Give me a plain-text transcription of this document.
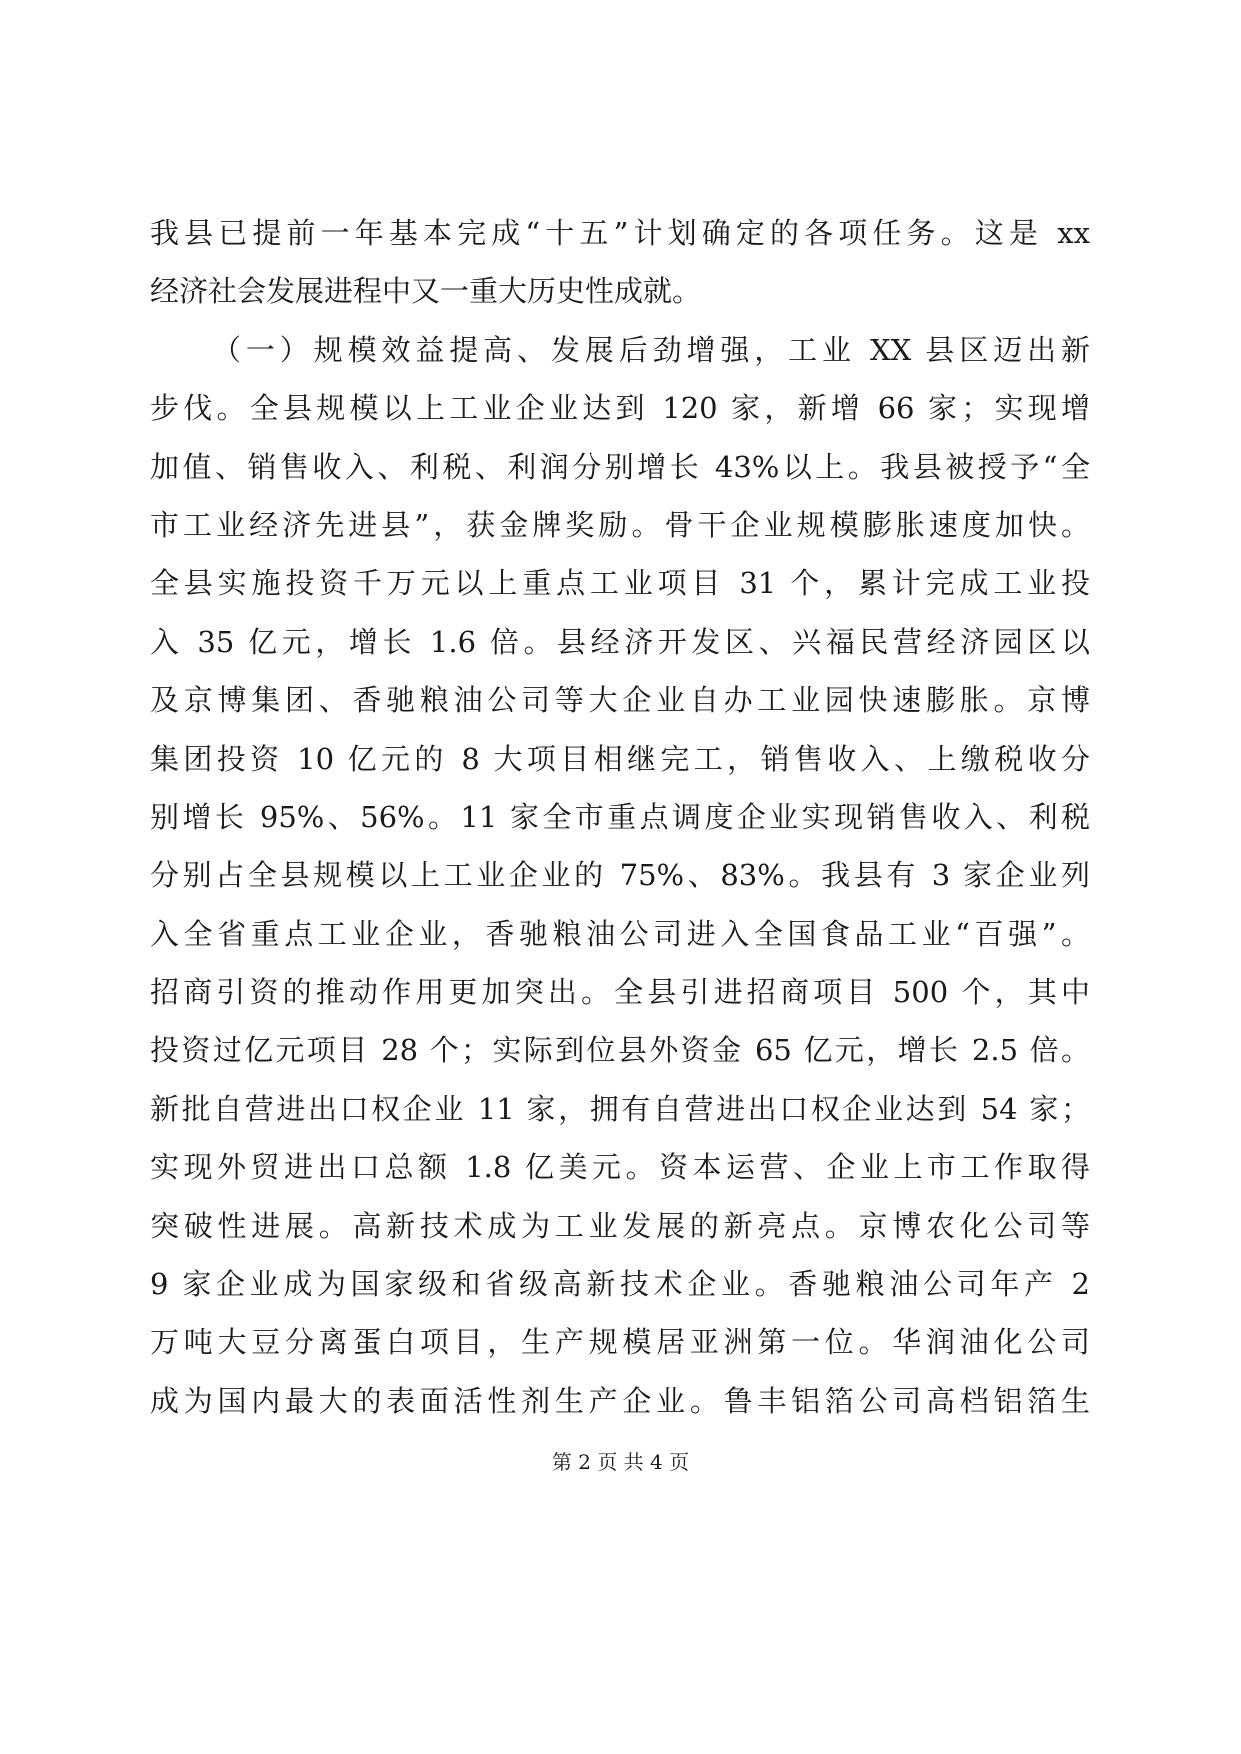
我县已提前一年基本完成“十五”计划确定的各项任务。这是 xx
经济社会发展进程中又一重大历史性成就。
（一）规模效益提高、发展后劲增强，工业 XX 县区迈出新
步伐。全县规模以上工业企业达到 120 家，新增 66 家；实现增
加值、销售收入、利税、利润分别增长 43%以上。我县被授予“全
市工业经济先进县”，获金牌奖励。骨干企业规模膨胀速度加快。
全县实施投资千万元以上重点工业项目 31 个，累计完成工业投
入 35 亿元，增长 1.6 倍。县经济开发区、兴福民营经济园区以
及京博集团、香驰粮油公司等大企业自办工业园快速膨胀。京博
集团投资 10 亿元的 8 大项目相继完工，销售收入、上缴税收分
别增长 95%、56%。11 家全市重点调度企业实现销售收入、利税
分别占全县规模以上工业企业的 75%、83%。我县有 3 家企业列
入全省重点工业企业，香驰粮油公司进入全国食品工业“百强”。
招商引资的推动作用更加突出。全县引进招商项目 500 个，其中
投资过亿元项目 28 个；实际到位县外资金 65 亿元，增长 2.5 倍。
新批自营进出口权企业 11 家，拥有自营进出口权企业达到 54 家；
实现外贸进出口总额 1.8 亿美元。资本运营、企业上市工作取得
突破性进展。高新技术成为工业发展的新亮点。京博农化公司等
9 家企业成为国家级和省级高新技术企业。香驰粮油公司年产 2
万吨大豆分离蛋白项目，生产规模居亚洲第一位。华润油化公司
成为国内最大的表面活性剂生产企业。鲁丰铝箔公司高档铝箔生
第 2 页 共 4 页
